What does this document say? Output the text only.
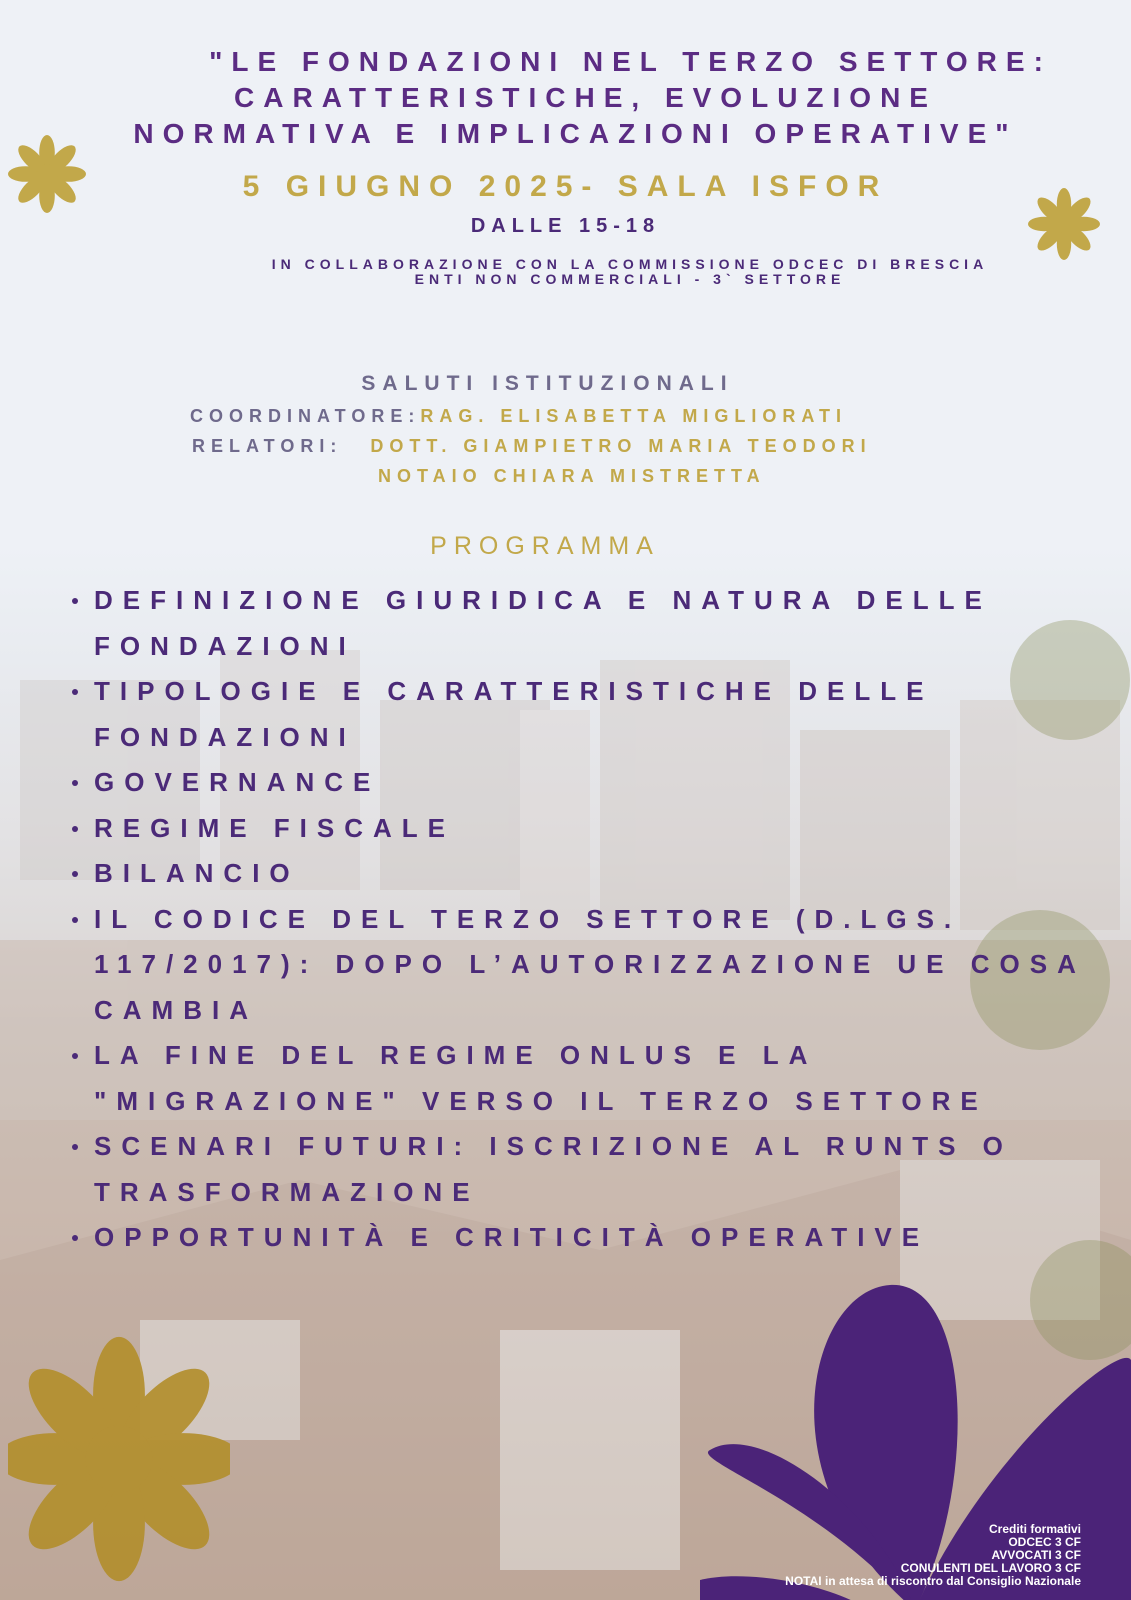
"LE FONDAZIONI NEL TERZO SETTORE:
CARATTERISTICHE, EVOLUZIONE
NORMATIVA E IMPLICAZIONI OPERATIVE"
5 GIUGNO 2025- SALA ISFOR
DALLE 15-18
IN COLLABORAZIONE CON LA COMMISSIONE ODCEC DI BRESCIA
ENTI NON COMMERCIALI - 3` SETTORE
SALUTI ISTITUZIONALI
COORDINATORE:RAG. ELISABETTA MIGLIORATI
RELATORI: DOTT. GIAMPIETRO MARIA TEODORI
NOTAIO CHIARA MISTRETTA
PROGRAMMA
DEFINIZIONE GIURIDICA E NATURA DELLE FONDAZIONI
TIPOLOGIE E CARATTERISTICHE DELLE FONDAZIONI
GOVERNANCE
REGIME FISCALE
BILANCIO
IL CODICE DEL TERZO SETTORE (D.LGS. 117/2017): DOPO L’AUTORIZZAZIONE UE COSA CAMBIA
LA FINE DEL REGIME ONLUS E LA "MIGRAZIONE" VERSO IL TERZO SETTORE
SCENARI FUTURI: ISCRIZIONE AL RUNTS O TRASFORMAZIONE
OPPORTUNITÀ E CRITICITÀ OPERATIVE
Crediti formativi
ODCEC 3 CF
AVVOCATI 3 CF
CONULENTI DEL LAVORO 3 CF
NOTAI in attesa di riscontro dal Consiglio Nazionale
